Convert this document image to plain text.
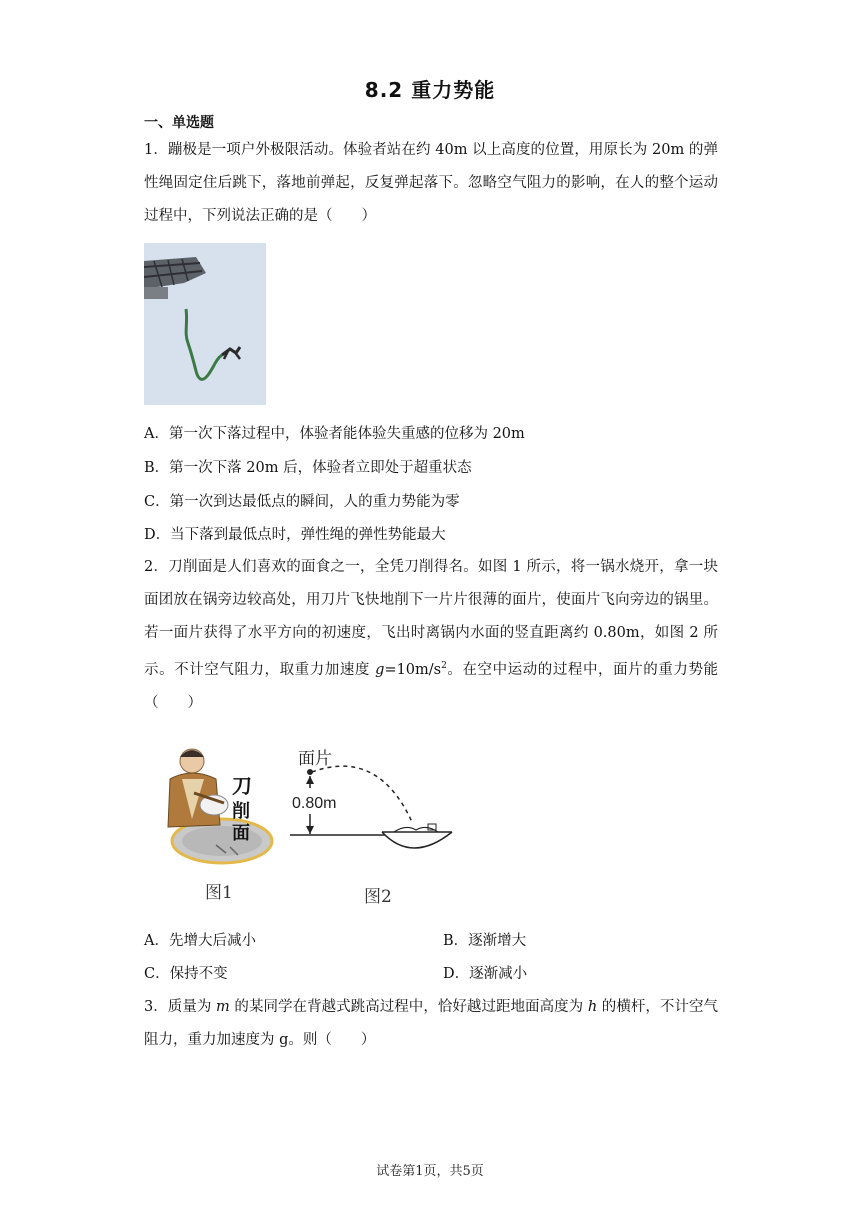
8.2 重力势能
一、单选题
1．蹦极是一项户外极限活动。体验者站在约 40m 以上高度的位置，用原长为 20m 的弹性绳固定住后跳下，落地前弹起，反复弹起落下。忽略空气阻力的影响，在人的整个运动过程中，下列说法正确的是（　　）
A．第一次下落过程中，体验者能体验失重感的位移为 20m
B．第一次下落 20m 后，体验者立即处于超重状态
C．第一次到达最低点的瞬间，人的重力势能为零
D．当下落到最低点时，弹性绳的弹性势能最大
2．刀削面是人们喜欢的面食之一，全凭刀削得名。如图 1 所示，将一锅水烧开，拿一块面团放在锅旁边较高处，用刀片飞快地削下一片片很薄的面片，使面片飞向旁边的锅里。若一面片获得了水平方向的初速度，飞出时离锅内水面的竖直距离约 0.80m，如图 2 所示。不计空气阻力，取重力加速度 $g=10m/s^2$。在空中运动的过程中，面片的重力势能（　　）
刀
削
面
图1
面片
0.80m
图2
A．先增大后减小	B．逐渐增大
C．保持不变	D．逐渐减小
3．质量为 m 的某同学在背越式跳高过程中，恰好越过距地面高度为 h 的横杆，不计空气阻力，重力加速度为 g。则（　　）
试卷第1页，共5页
